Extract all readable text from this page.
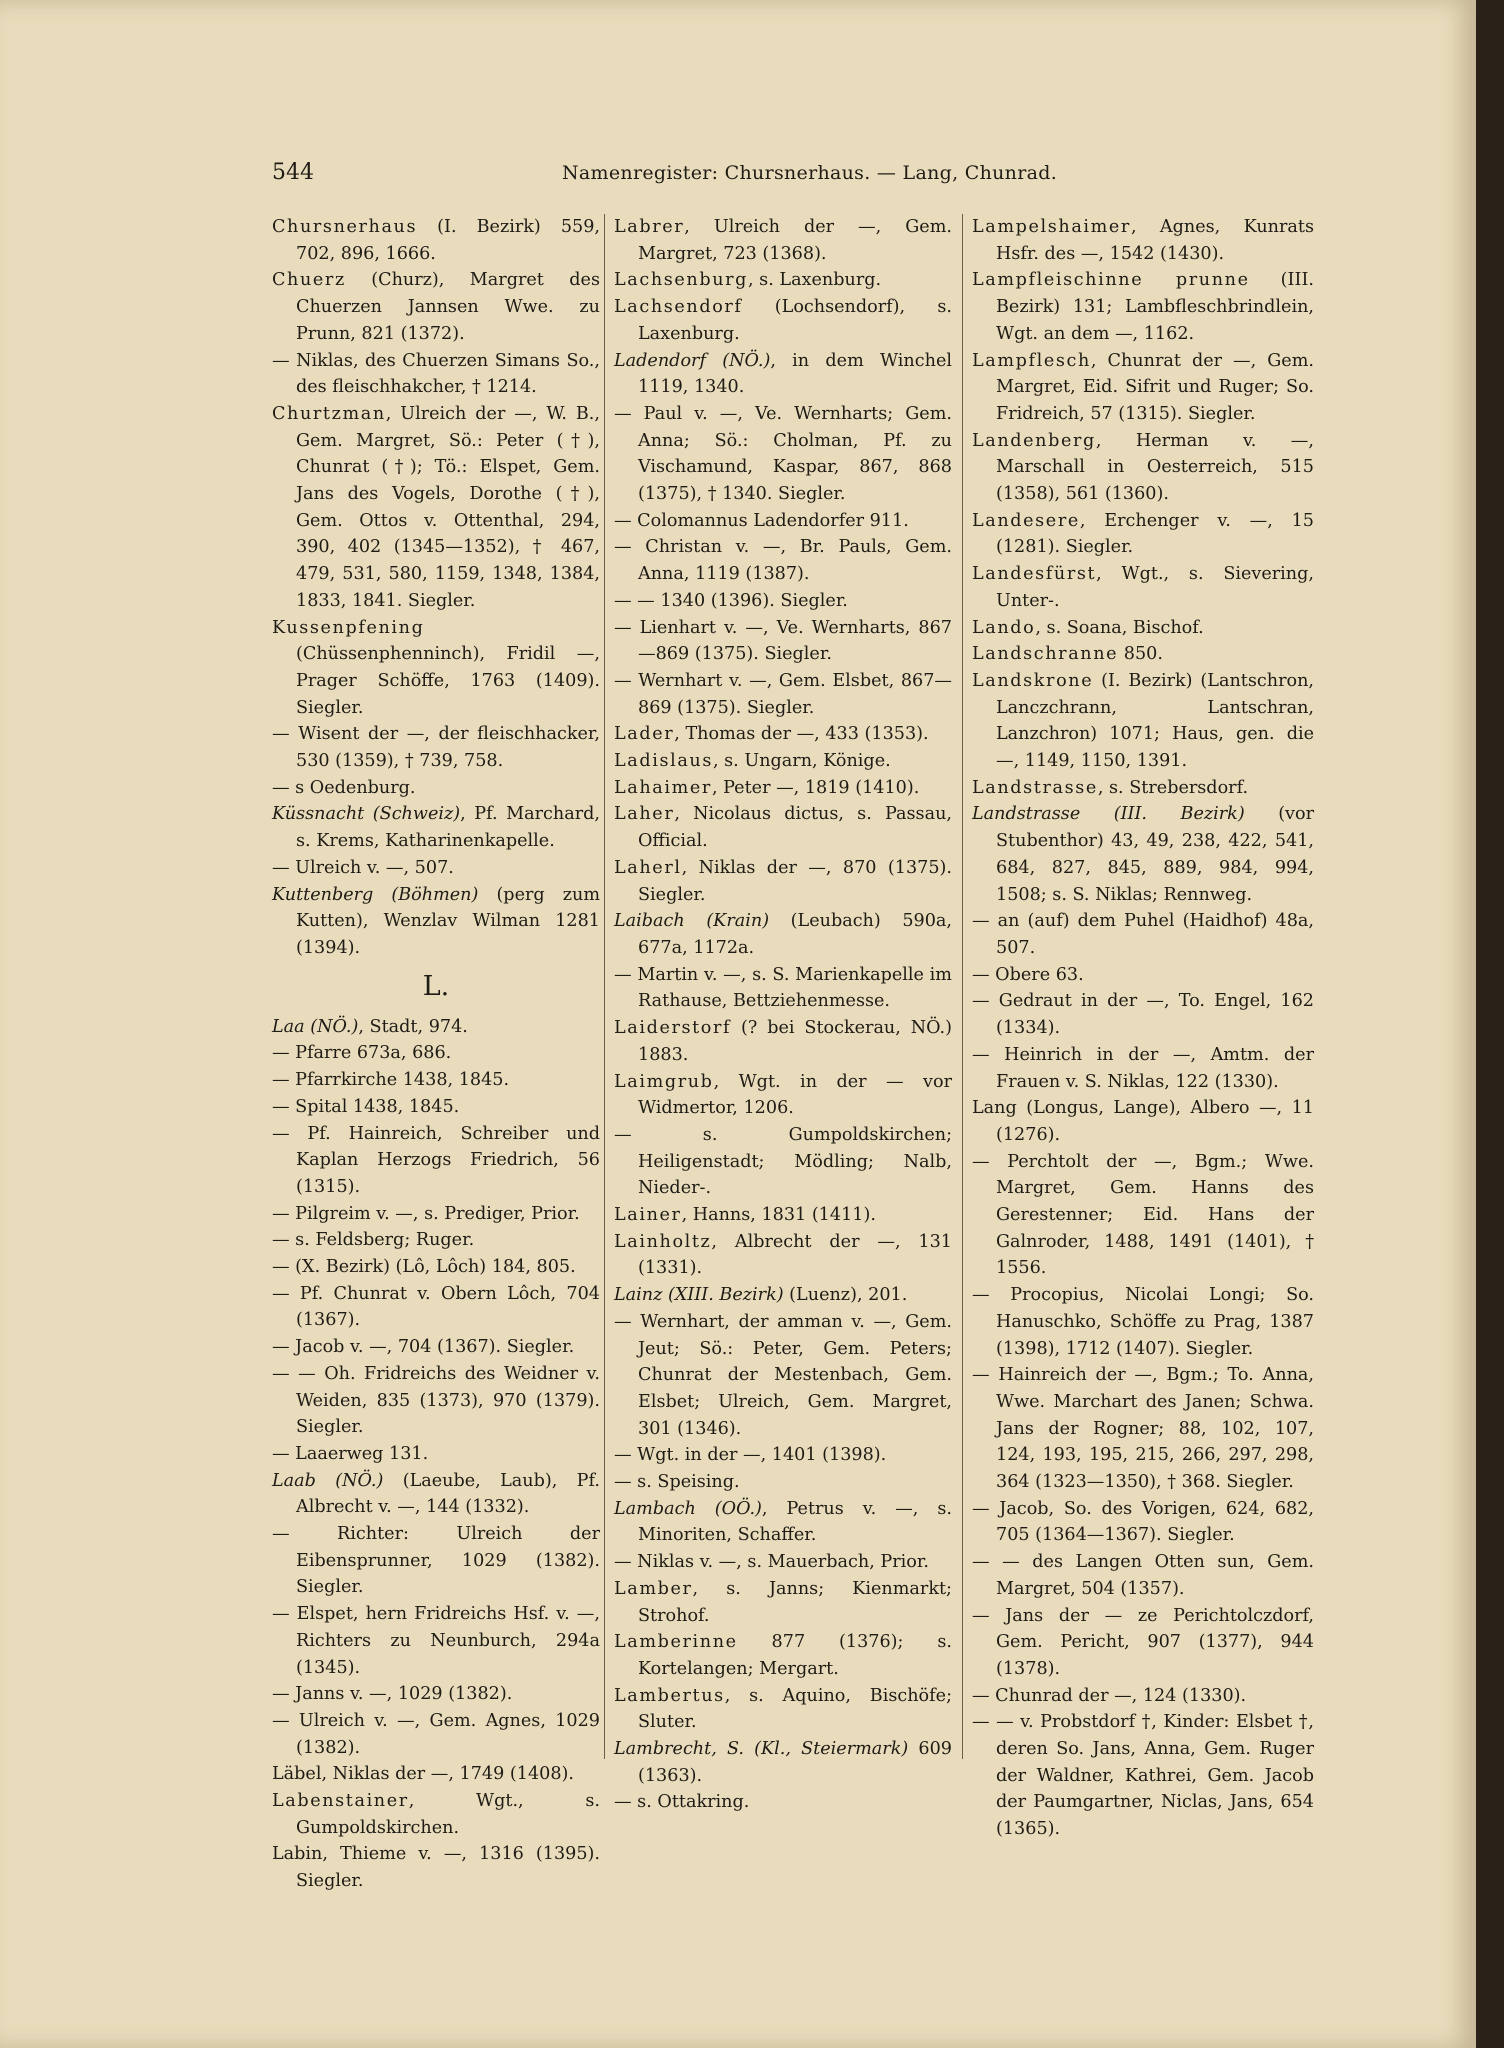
544	Namenregister: Chursnerhaus. — Lang, Chunrad.
Chursnerhaus (I. Bezirk) 559, 702, 896, 1666.
Chuerz (Churz), Margret des Chuerzen Jannsen Wwe. zu Prunn, 821 (1372).
— Niklas, des Chuerzen Simans So., des fleischhakcher, † 1214.
Churtzman, Ulreich der —, W. B., Gem. Margret, Sö.: Peter (†), Chunrat (†); Tö.: Elspet, Gem. Jans des Vogels, Dorothe (†), Gem. Ottos v. Ottenthal, 294, 390, 402 (1345—1352), † 467, 479, 531, 580, 1159, 1348, 1384, 1833, 1841. Siegler.
Kussenpfening (Chüssenphenninch), Fridil —, Prager Schöffe, 1763 (1409). Siegler.
— Wisent der —, der fleischhacker, 530 (1359), † 739, 758.
— s Oedenburg.
Küssnacht (Schweiz), Pf. Marchard, s. Krems, Katharinenkapelle.
— Ulreich v. —, 507.
Kuttenberg (Böhmen) (perg zum Kutten), Wenzlav Wilman 1281 (1394).
L.
Laa (NÖ.), Stadt, 974.
— Pfarre 673a, 686.
— Pfarrkirche 1438, 1845.
— Spital 1438, 1845.
— Pf. Hainreich, Schreiber und Kaplan Herzogs Friedrich, 56 (1315).
— Pilgreim v. —, s. Prediger, Prior.
— s. Feldsberg; Ruger.
— (X. Bezirk) (Lô, Lôch) 184, 805.
— Pf. Chunrat v. Obern Lôch, 704 (1367).
— Jacob v. —, 704 (1367). Siegler.
— — Oh. Fridreichs des Weidner v. Weiden, 835 (1373), 970 (1379). Siegler.
— Laaerweg 131.
Laab (NÖ.) (Laeube, Laub), Pf. Albrecht v. —, 144 (1332).
— Richter: Ulreich der Eibensprunner, 1029 (1382). Siegler.
— Elspet, hern Fridreichs Hsf. v. —, Richters zu Neunburch, 294a (1345).
— Janns v. —, 1029 (1382).
— Ulreich v. —, Gem. Agnes, 1029 (1382).
Läbel, Niklas der —, 1749 (1408).
Labenstainer, Wgt., s. Gumpoldskirchen.
Labin, Thieme v. —, 1316 (1395). Siegler.
Labrer, Ulreich der —, Gem. Margret, 723 (1368).
Lachsenburg, s. Laxenburg.
Lachsendorf (Lochsendorf), s. Laxenburg.
Ladendorf (NÖ.), in dem Winchel 1119, 1340.
— Paul v. —, Ve. Wernharts; Gem. Anna; Sö.: Cholman, Pf. zu Vischamund, Kaspar, 867, 868 (1375), † 1340. Siegler.
— Colomannus Ladendorfer 911.
— Christan v. —, Br. Pauls, Gem. Anna, 1119 (1387).
— — 1340 (1396). Siegler.
— Lienhart v. —, Ve. Wernharts, 867—869 (1375). Siegler.
— Wernhart v. —, Gem. Elsbet, 867—869 (1375). Siegler.
Lader, Thomas der —, 433 (1353).
Ladislaus, s. Ungarn, Könige.
Lahaimer, Peter —, 1819 (1410).
Laher, Nicolaus dictus, s. Passau, Official.
Laherl, Niklas der —, 870 (1375). Siegler.
Laibach (Krain) (Leubach) 590a, 677a, 1172a.
— Martin v. —, s. S. Marienkapelle im Rathause, Bettziehenmesse.
Laiderstorf (? bei Stockerau, NÖ.) 1883.
Laimgrub, Wgt. in der — vor Widmertor, 1206.
— s. Gumpoldskirchen; Heiligenstadt; Mödling; Nalb, Nieder-.
Lainer, Hanns, 1831 (1411).
Lainholtz, Albrecht der —, 131 (1331).
Lainz (XIII. Bezirk) (Luenz), 201.
— Wernhart, der amman v. —, Gem. Jeut; Sö.: Peter, Gem. Peters; Chunrat der Mestenbach, Gem. Elsbet; Ulreich, Gem. Margret, 301 (1346).
— Wgt. in der —, 1401 (1398).
— s. Speising.
Lambach (OÖ.), Petrus v. —, s. Minoriten, Schaffer.
— Niklas v. —, s. Mauerbach, Prior.
Lamber, s. Janns; Kienmarkt; Strohof.
Lamberinne 877 (1376); s. Kortelangen; Mergart.
Lambertus, s. Aquino, Bischöfe; Sluter.
Lambrecht, S. (Kl., Steiermark) 609 (1363).
— s. Ottakring.
Lampelshaimer, Agnes, Kunrats Hsfr. des —, 1542 (1430).
Lampfleischinne prunne (III. Bezirk) 131; Lambfleschbrindlein, Wgt. an dem —, 1162.
Lampflesch, Chunrat der —, Gem. Margret, Eid. Sifrit und Ruger; So. Fridreich, 57 (1315). Siegler.
Landenberg, Herman v. —, Marschall in Oesterreich, 515 (1358), 561 (1360).
Landesere, Erchenger v. —, 15 (1281). Siegler.
Landesfürst, Wgt., s. Sievering, Unter-.
Lando, s. Soana, Bischof.
Landschranne 850.
Landskrone (I. Bezirk) (Lantschron, Lanczchrann, Lantschran, Lanzchron) 1071; Haus, gen. die —, 1149, 1150, 1391.
Landstrasse, s. Strebersdorf.
Landstrasse (III. Bezirk) (vor Stubenthor) 43, 49, 238, 422, 541, 684, 827, 845, 889, 984, 994, 1508; s. S. Niklas; Rennweg.
— an (auf) dem Puhel (Haidhof) 48a, 507.
— Obere 63.
— Gedraut in der —, To. Engel, 162 (1334).
— Heinrich in der —, Amtm. der Frauen v. S. Niklas, 122 (1330).
Lang (Longus, Lange), Albero —, 11 (1276).
— Perchtolt der —, Bgm.; Wwe. Margret, Gem. Hanns des Gerestenner; Eid. Hans der Galnroder, 1488, 1491 (1401), † 1556.
— Procopius, Nicolai Longi; So. Hanuschko, Schöffe zu Prag, 1387 (1398), 1712 (1407). Siegler.
— Hainreich der —, Bgm.; To. Anna, Wwe. Marchart des Janen; Schwa. Jans der Rogner; 88, 102, 107, 124, 193, 195, 215, 266, 297, 298, 364 (1323—1350), † 368. Siegler.
— Jacob, So. des Vorigen, 624, 682, 705 (1364—1367). Siegler.
— — des Langen Otten sun, Gem. Margret, 504 (1357).
— Jans der — ze Perichtolczdorf, Gem. Pericht, 907 (1377), 944 (1378).
— Chunrad der —, 124 (1330).
— — v. Probstdorf †, Kinder: Elsbet †, deren So. Jans, Anna, Gem. Ruger der Waldner, Kathrei, Gem. Jacob der Paumgartner, Niclas, Jans, 654 (1365).
